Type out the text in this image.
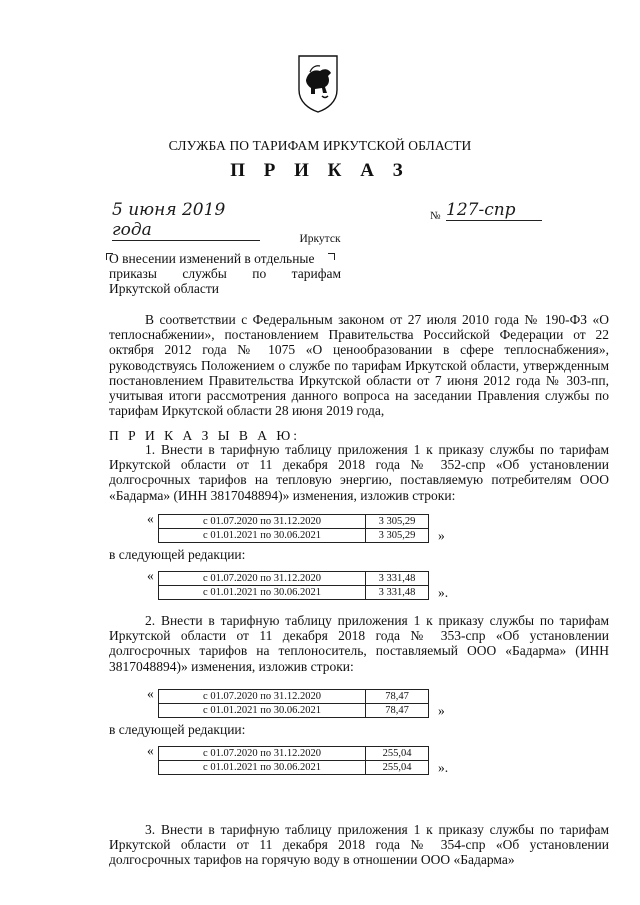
СЛУЖБА ПО ТАРИФАМ ИРКУТСКОЙ ОБЛАСТИ
П Р И К А З
5 июня 2019 года
№ 127-спр
Иркутск
О внесении изменений в отдельные
приказы службы по тарифам
Иркутской области
В соответствии с Федеральным законом от 27 июля 2010 года № 190-ФЗ «О теплоснабжении», постановлением Правительства Российской Федерации от 22 октября 2012 года № 1075 «О ценообразовании в сфере теплоснабжения», руководствуясь Положением о службе по тарифам Иркутской области, утвержденным постановлением Правительства Иркутской области от 7 июня 2012 года № 303-пп, учитывая итоги рассмотрения данного вопроса на заседании Правления службы по тарифам Иркутской области 28 июня 2019 года,
П Р И К А З Ы В А Ю:
1. Внести в тарифную таблицу приложения 1 к приказу службы по тарифам Иркутской области от 11 декабря 2018 года № 352-спр «Об установлении долгосрочных тарифов на тепловую энергию, поставляемую потребителям ООО «Бадарма» (ИНН 3817048894)» изменения, изложив строки:
«	с 01.07.2020 по 31.12.2020	3 305,29
с 01.01.2021 по 30.06.2021	3 305,29 »
в следующей редакции:
«	с 01.07.2020 по 31.12.2020	3 331,48
с 01.01.2021 по 30.06.2021	3 331,48 ».
2. Внести в тарифную таблицу приложения 1 к приказу службы по тарифам Иркутской области от 11 декабря 2018 года № 353-спр «Об установлении долгосрочных тарифов на теплоноситель, поставляемый ООО «Бадарма» (ИНН 3817048894)» изменения, изложив строки:
«	с 01.07.2020 по 31.12.2020	78,47
с 01.01.2021 по 30.06.2021	78,47 »
в следующей редакции:
«	с 01.07.2020 по 31.12.2020	255,04
с 01.01.2021 по 30.06.2021	255,04 ».
3. Внести в тарифную таблицу приложения 1 к приказу службы по тарифам Иркутской области от 11 декабря 2018 года № 354-спр «Об установлении долгосрочных тарифов на горячую воду в отношении ООО «Бадарма»
